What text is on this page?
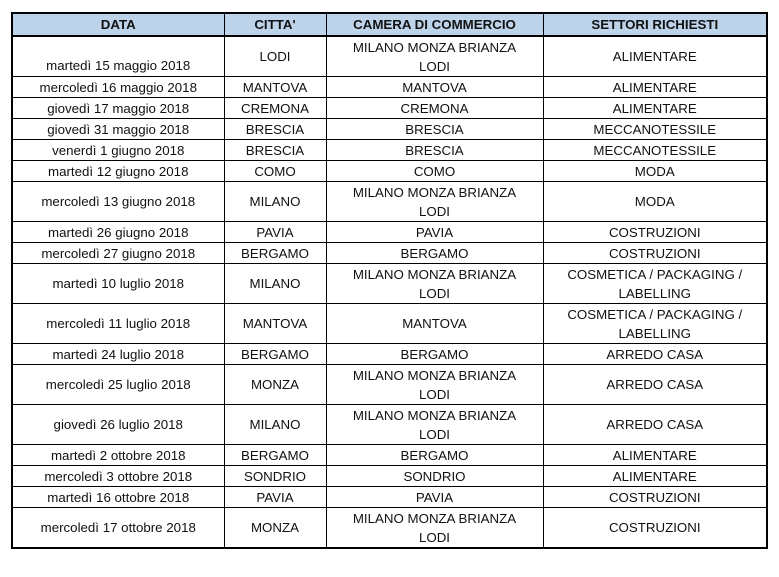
DATA	CITTA'	CAMERA DI COMMERCIO	SETTORI RICHIESTI

martedì 15 maggio 2018	LODI	MILANO MONZA BRIANZA
LODI	ALIMENTARE

mercoledì 16 maggio 2018	MANTOVA	MANTOVA	ALIMENTARE

giovedì 17 maggio 2018	CREMONA	CREMONA	ALIMENTARE

giovedì 31 maggio 2018	BRESCIA	BRESCIA	MECCANOTESSILE

venerdì 1 giugno 2018	BRESCIA	BRESCIA	MECCANOTESSILE

martedì 12 giugno 2018	COMO	COMO	MODA

mercoledì 13 giugno 2018	MILANO	MILANO MONZA BRIANZA
LODI	MODA

martedì 26 giugno 2018	PAVIA	PAVIA	COSTRUZIONI

mercoledì 27 giugno 2018	BERGAMO	BERGAMO	COSTRUZIONI

martedì 10 luglio 2018	MILANO	MILANO MONZA BRIANZA
LODI	COSMETICA / PACKAGING /
LABELLING

mercoledì 11 luglio 2018	MANTOVA	MANTOVA	COSMETICA / PACKAGING /
LABELLING

martedì 24 luglio 2018	BERGAMO	BERGAMO	ARREDO CASA

mercoledì 25 luglio 2018	MONZA	MILANO MONZA BRIANZA
LODI	ARREDO CASA

giovedì 26 luglio 2018	MILANO	MILANO MONZA BRIANZA
LODI	ARREDO CASA

martedì 2 ottobre 2018	BERGAMO	BERGAMO	ALIMENTARE

mercoledì 3 ottobre 2018	SONDRIO	SONDRIO	ALIMENTARE

martedì 16 ottobre 2018	PAVIA	PAVIA	COSTRUZIONI

mercoledì 17 ottobre 2018	MONZA	MILANO MONZA BRIANZA
LODI	COSTRUZIONI
